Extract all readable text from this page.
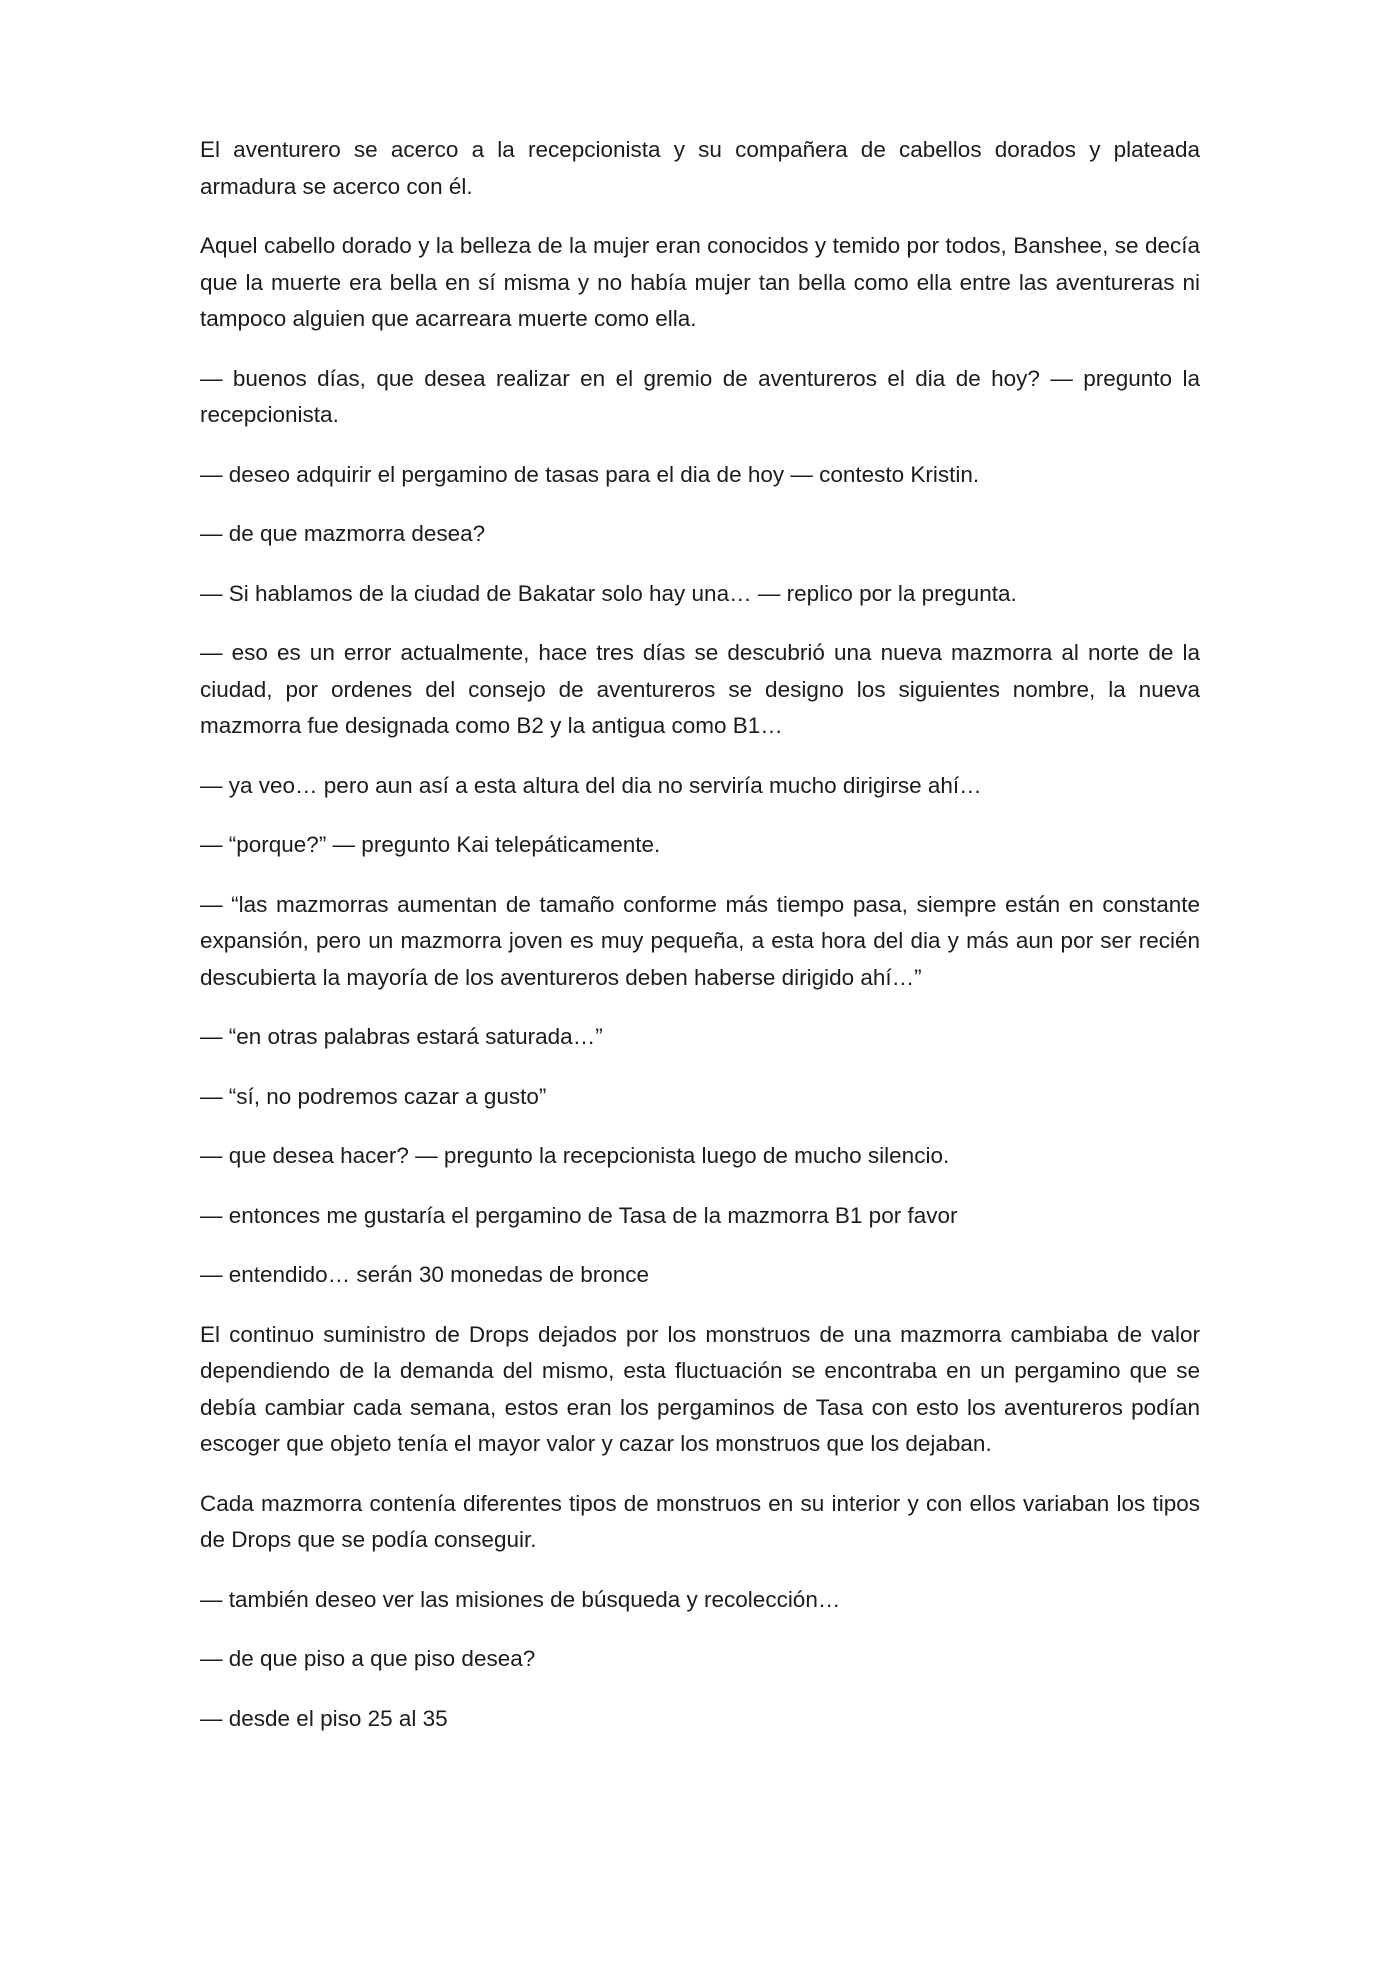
El aventurero se acerco a la recepcionista y su compañera de cabellos dorados y plateada armadura se acerco con él.

Aquel cabello dorado y la belleza de la mujer eran conocidos y temido por todos, Banshee, se decía que la muerte era bella en sí misma y no había mujer tan bella como ella entre las aventureras ni tampoco alguien que acarreara muerte como ella.

— buenos días, que desea realizar en el gremio de aventureros el dia de hoy? — pregunto la recepcionista.

— deseo adquirir el pergamino de tasas para el dia de hoy — contesto Kristin.

— de que mazmorra desea?

— Si hablamos de la ciudad de Bakatar solo hay una… — replico por la pregunta.

— eso es un error actualmente, hace tres días se descubrió una nueva mazmorra al norte de la ciudad, por ordenes del consejo de aventureros se designo los siguientes nombre, la nueva mazmorra fue designada como B2 y la antigua como B1…

— ya veo… pero aun así a esta altura del dia no serviría mucho dirigirse ahí…

— “porque?” — pregunto Kai telepáticamente.

— “las mazmorras aumentan de tamaño conforme más tiempo pasa, siempre están en constante expansión, pero un mazmorra joven es muy pequeña, a esta hora del dia y más aun por ser recién descubierta la mayoría de los aventureros deben haberse dirigido ahí…”

— “en otras palabras estará saturada…”

— “sí, no podremos cazar a gusto”

— que desea hacer? — pregunto la recepcionista luego de mucho silencio.

— entonces me gustaría el pergamino de Tasa de la mazmorra B1 por favor

— entendido… serán 30 monedas de bronce

El continuo suministro de Drops dejados por los monstruos de una mazmorra cambiaba de valor dependiendo de la demanda del mismo, esta fluctuación se encontraba en un pergamino que se debía cambiar cada semana, estos eran los pergaminos de Tasa con esto los aventureros podían escoger que objeto tenía el mayor valor y cazar los monstruos que los dejaban.

Cada mazmorra contenía diferentes tipos de monstruos en su interior y con ellos variaban los tipos de Drops que se podía conseguir.

— también deseo ver las misiones de búsqueda y recolección…

— de que piso a que piso desea?

— desde el piso 25 al 35
